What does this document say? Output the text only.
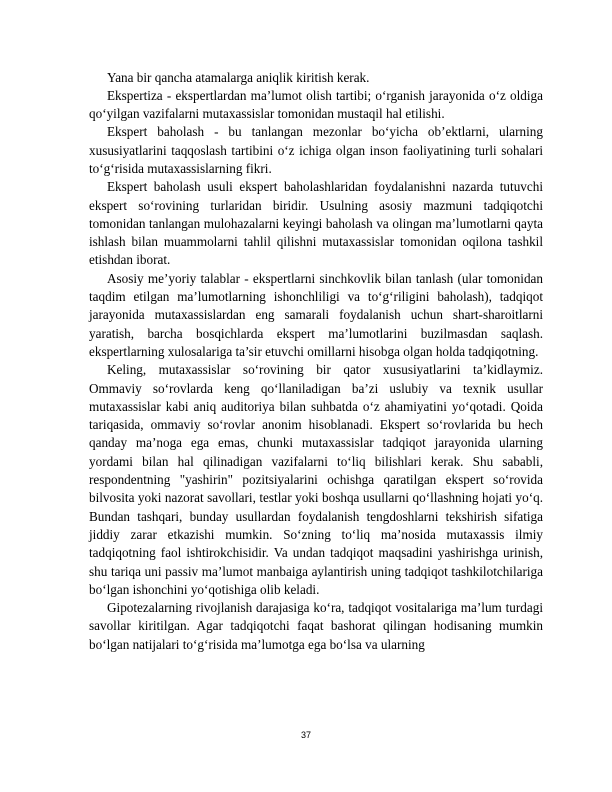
Yana bir qancha atamalarga aniqlik kiritish kerak.

Ekspertiza - ekspertlardan ma’lumot olish tartibi; o‘rganish jarayonida o‘z oldiga qo‘yilgan vazifalarni mutaxassislar tomonidan mustaqil hal etilishi.

Ekspert baholash - bu tanlangan mezonlar bo‘yicha ob’ektlarni, ularning xususiyatlarini taqqoslash tartibini o‘z ichiga olgan inson faoliyatining turli sohalari to‘g‘risida mutaxassislarning fikri.

Ekspert baholash usuli ekspert baholashlaridan foydalanishni nazarda tutuvchi ekspert so‘rovining turlaridan biridir. Usulning asosiy mazmuni tadqiqotchi tomonidan tanlangan mulohazalarni keyingi baholash va olingan ma’lumotlarni qayta ishlash bilan muammolarni tahlil qilishni mutaxassislar tomonidan oqilona tashkil etishdan iborat.

Asosiy me’yoriy talablar - ekspertlarni sinchkovlik bilan tanlash (ular tomonidan taqdim etilgan ma’lumotlarning ishonchliligi va to‘g‘riligini baholash), tadqiqot jarayonida mutaxassislardan eng samarali foydalanish uchun shart-sharoitlarni yaratish, barcha bosqichlarda ekspert ma’lumotlarini buzilmasdan saqlash. ekspertlarning xulosalariga ta’sir etuvchi omillarni hisobga olgan holda tadqiqotning.

Keling, mutaxassislar so‘rovining bir qator xususiyatlarini ta’kidlaymiz. Ommaviy so‘rovlarda keng qo‘llaniladigan ba’zi uslubiy va texnik usullar mutaxassislar kabi aniq auditoriya bilan suhbatda o‘z ahamiyatini yo‘qotadi. Qoida tariqasida, ommaviy so‘rovlar anonim hisoblanadi. Ekspert so‘rovlarida bu hech qanday ma’noga ega emas, chunki mutaxassislar tadqiqot jarayonida ularning yordami bilan hal qilinadigan vazifalarni to‘liq bilishlari kerak. Shu sababli, respondentning "yashirin" pozitsiyalarini ochishga qaratilgan ekspert so‘rovida bilvosita yoki nazorat savollari, testlar yoki boshqa usullarni qo‘llashning hojati yo‘q. Bundan tashqari, bunday usullardan foydalanish tengdoshlarni tekshirish sifatiga jiddiy zarar etkazishi mumkin. So‘zning to‘liq ma’nosida mutaxassis ilmiy tadqiqotning faol ishtirokchisidir. Va undan tadqiqot maqsadini yashirishga urinish, shu tariqa uni passiv ma’lumot manbaiga aylantirish uning tadqiqot tashkilotchilariga bo‘lgan ishonchini yo‘qotishiga olib keladi.

Gipotezalarning rivojlanish darajasiga ko‘ra, tadqiqot vositalariga ma’lum turdagi savollar kiritilgan. Agar tadqiqotchi faqat bashorat qilingan hodisaning mumkin bo‘lgan natijalari to‘g‘risida ma’lumotga ega bo‘lsa va ularning

37
